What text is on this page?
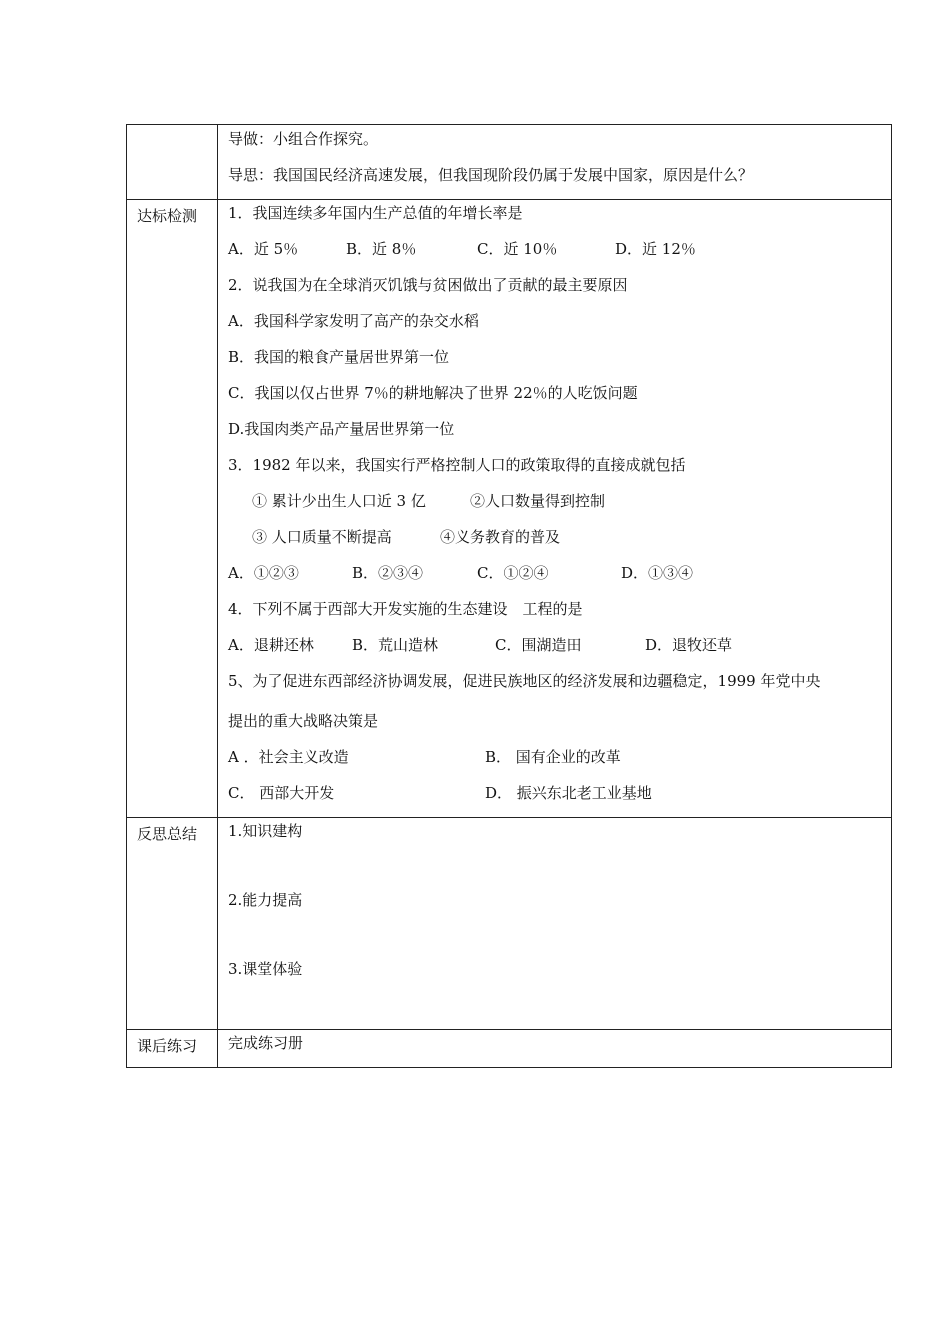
导做：小组合作探究。
导思：我国国民经济高速发展，但我国现阶段仍属于发展中国家，原因是什么？
达标检测 1．我国连续多年国内生产总值的年增长率是
A．近 5％	B．近 8％	C．近 10％	D．近 12％
2．说我国为在全球消灭饥饿与贫困做出了贡献的最主要原因
A．我国科学家发明了高产的杂交水稻
B．我国的粮食产量居世界第一位
C．我国以仅占世界 7％的耕地解决了世界 22％的人吃饭问题
D.我国肉类产品产量居世界第一位
3．1982 年以来，我国实行严格控制人口的政策取得的直接成就包括
① 累计少出生人口近 3 亿	②人口数量得到控制
③ 人口质量不断提高	④义务教育的普及
A．①②③	B．②③④	C．①②④	D．①③④
4．下列不属于西部大开发实施的生态建设　工程的是
A．退耕还林	B．荒山造林	C．围湖造田	D．退牧还草
5、为了促进东西部经济协调发展，促进民族地区的经济发展和边疆稳定，1999 年党中央
提出的重大战略决策是
A ．社会主义改造	B． 国有企业的改革
C． 西部大开发	D． 振兴东北老工业基地
反思总结 1.知识建构
2.能力提高
3.课堂体验
课后练习 完成练习册
